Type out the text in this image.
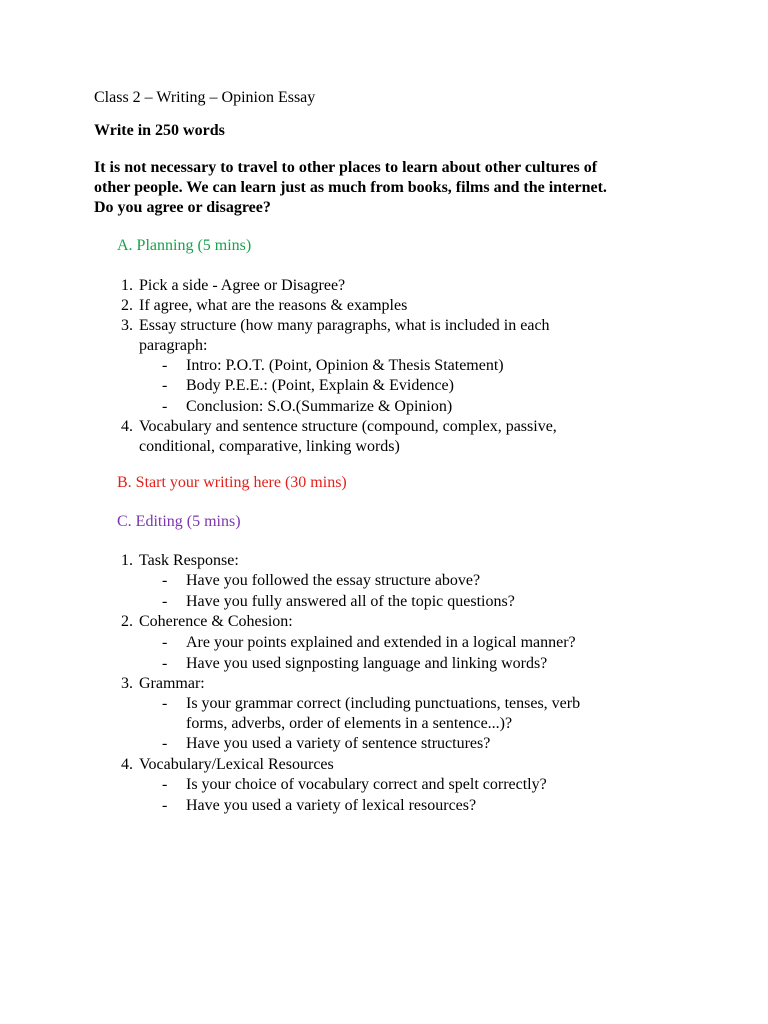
Class 2 – Writing – Opinion Essay
Write in 250 words
It is not necessary to travel to other places to learn about other cultures of
other people. We can learn just as much from books, films and the internet.
Do you agree or disagree?
A. Planning (5 mins)
1. Pick a side - Agree or Disagree?
2. If agree, what are the reasons & examples
3. Essay structure (how many paragraphs, what is included in each
paragraph:
- Intro: P.O.T. (Point, Opinion & Thesis Statement)
- Body P.E.E.: (Point, Explain & Evidence)
- Conclusion: S.O.(Summarize & Opinion)
4. Vocabulary and sentence structure (compound, complex, passive,
conditional, comparative, linking words)
B. Start your writing here (30 mins)
C. Editing (5 mins)
1. Task Response:
- Have you followed the essay structure above?
- Have you fully answered all of the topic questions?
2. Coherence & Cohesion:
- Are your points explained and extended in a logical manner?
- Have you used signposting language and linking words?
3. Grammar:
- Is your grammar correct (including punctuations, tenses, verb
forms, adverbs, order of elements in a sentence...)?
- Have you used a variety of sentence structures?
4. Vocabulary/Lexical Resources
- Is your choice of vocabulary correct and spelt correctly?
- Have you used a variety of lexical resources?
